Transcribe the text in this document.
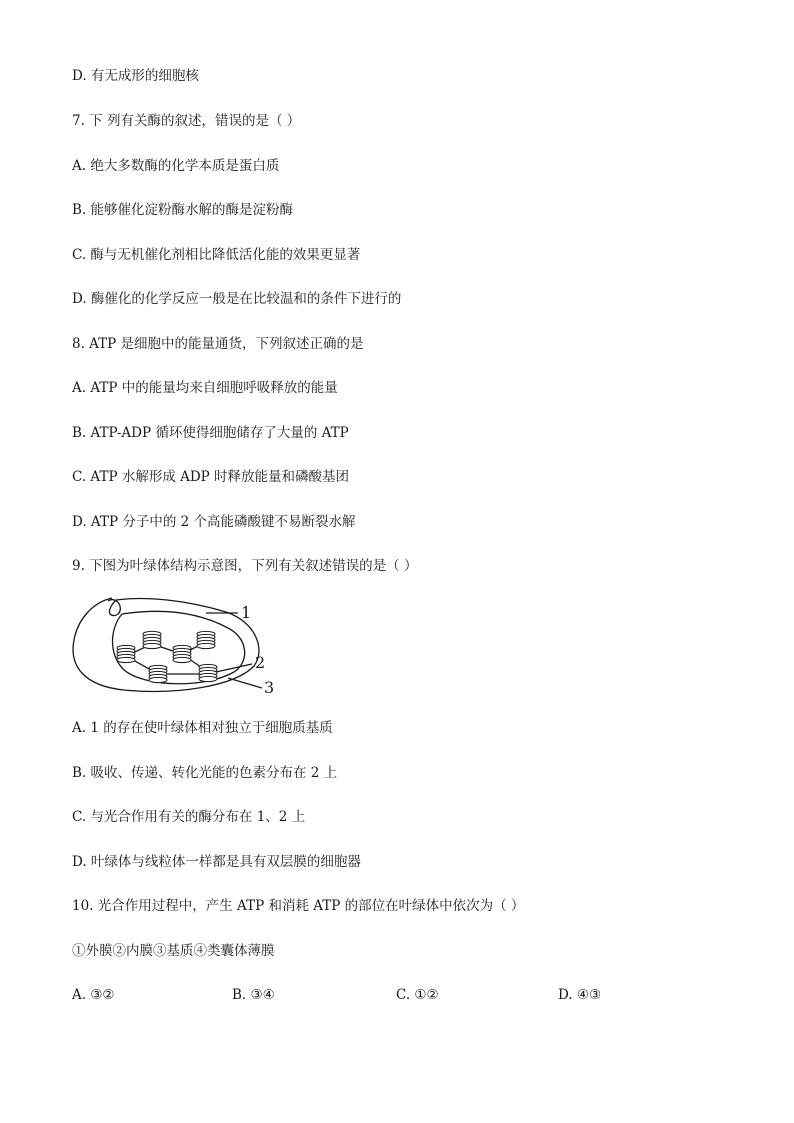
D. 有无成形的细胞核
7. 下 列有关酶的叙述，错误的是（ ）
A. 绝大多数酶的化学本质是蛋白质
B. 能够催化淀粉酶水解的酶是淀粉酶
C. 酶与无机催化剂相比降低活化能的效果更显著
D. 酶催化的化学反应一般是在比较温和的条件下进行的
8. ATP 是细胞中的能量通货，下列叙述正确的是
A. ATP 中的能量均来自细胞呼吸释放的能量
B. ATP-ADP 循环使得细胞储存了大量的 ATP
C. ATP 水解形成 ADP 时释放能量和磷酸基团
D. ATP 分子中的 2 个高能磷酸键不易断裂水解
9. 下图为叶绿体结构示意图，下列有关叙述错误的是（ ）
1
2
3
A. 1 的存在使叶绿体相对独立于细胞质基质
B. 吸收、传递、转化光能的色素分布在 2 上
C. 与光合作用有关的酶分布在 1、2 上
D. 叶绿体与线粒体一样都是具有双层膜的细胞器
10. 光合作用过程中，产生 ATP 和消耗 ATP 的部位在叶绿体中依次为（ ）
①外膜②内膜③基质④类囊体薄膜
A. ③②	B. ③④	C. ①②	D. ④③
